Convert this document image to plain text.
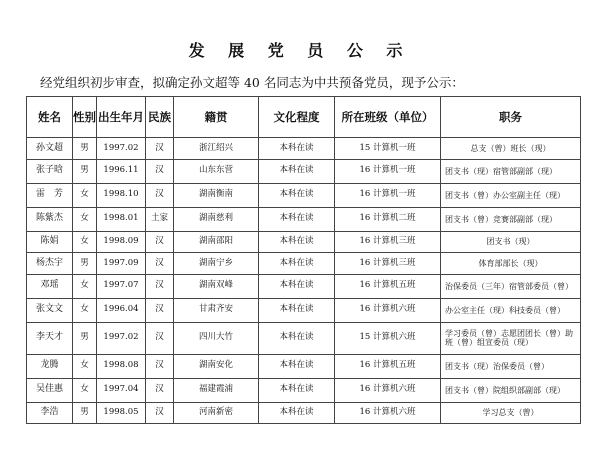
发 展 党 员 公 示
经党组织初步审查，拟确定孙文超等 40 名同志为中共预备党员，现予公示：
姓名	性别	出生年月	民族	籍贯	文化程度	所在班级（单位）	职务
孙文超	男	1997.02	汉	浙江绍兴	本科在读	15 计算机一班	总支（曾）班长（现）
张子晗	男	1996.11	汉	山东东营	本科在读	16 计算机一班	团支书（现）宿管部副部（现）
雷　芳	女	1998.10	汉	湖南衡南	本科在读	16 计算机一班	团支书（曾）办公室副主任（现）
陈紫杰	女	1998.01	土家	湖南慈利	本科在读	16 计算机二班	团支书（曾）竞赛部副部（现）
陈娟	女	1998.09	汉	湖南邵阳	本科在读	16 计算机三班	团支书（现）
杨杰宇	男	1997.09	汉	湖南宁乡	本科在读	16 计算机三班	体育部部长（现）
邓瑶	女	1997.07	汉	湖南双峰	本科在读	16 计算机五班	治保委员（三年）宿管部委员（曾）
张文文	女	1996.04	汉	甘肃齐安	本科在读	16 计算机六班	办公室主任（现）科技委员（曾）
李天才	男	1997.02	汉	四川大竹	本科在读	15 计算机六班	学习委员（曾）志愿团团长（曾）助班（曾）组宣委员（现）
龙腾	女	1998.08	汉	湖南安化	本科在读	16 计算机五班	团支书（现）治保委员（曾）
吴佳惠	女	1997.04	汉	福建霞浦	本科在读	16 计算机六班	团支书（曾）院组织部副部（现）
李浩	男	1998.05	汉	河南新密	本科在读	16 计算机六班	学习总支（曾）
